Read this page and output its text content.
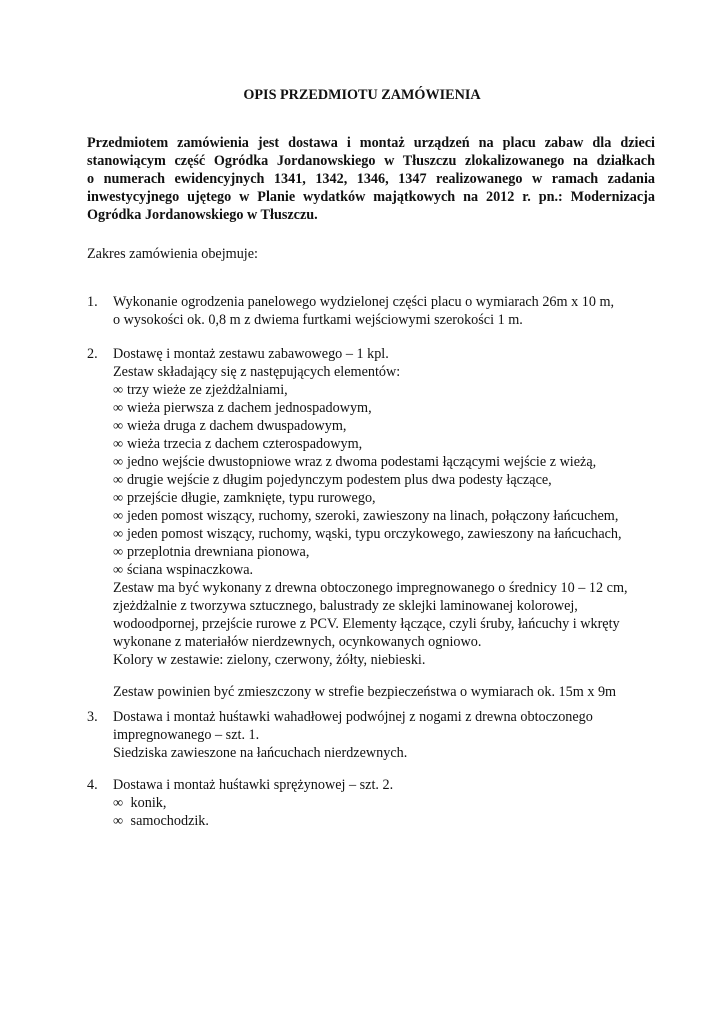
OPIS PRZEDMIOTU ZAMÓWIENIA
Przedmiotem zamówienia jest dostawa i montaż urządzeń na placu zabaw dla dzieci
stanowiącym część Ogródka Jordanowskiego w Tłuszczu zlokalizowanego na działkach
o numerach ewidencyjnych 1341, 1342, 1346, 1347 realizowanego w ramach zadania
inwestycyjnego ujętego w Planie wydatków majątkowych na 2012 r. pn.: Modernizacja
Ogródka Jordanowskiego w Tłuszczu.
Zakres zamówienia obejmuje:
1.	Wykonanie ogrodzenia panelowego wydzielonej części placu o wymiarach 26m x 10 m,
o wysokości ok. 0,8 m z dwiema furtkami wejściowymi szerokości 1 m.
2.	Dostawę i montaż zestawu zabawowego – 1 kpl.
Zestaw składający się z następujących elementów:
∞ trzy wieże ze zjeżdżalniami,
∞ wieża pierwsza z dachem jednospadowym,
∞ wieża druga z dachem dwuspadowym,
∞ wieża trzecia z dachem czterospadowym,
∞ jedno wejście dwustopniowe wraz z dwoma podestami łączącymi wejście z wieżą,
∞ drugie wejście z długim pojedynczym podestem plus dwa podesty łączące,
∞ przejście długie, zamknięte, typu rurowego,
∞ jeden pomost wiszący, ruchomy, szeroki, zawieszony na linach, połączony łańcuchem,
∞ jeden pomost wiszący, ruchomy, wąski, typu orczykowego, zawieszony na łańcuchach,
∞ przeplotnia drewniana pionowa,
∞ ściana wspinaczkowa.
Zestaw ma być wykonany z drewna obtoczonego impregnowanego o średnicy 10 – 12 cm,
zjeżdżalnie z tworzywa sztucznego, balustrady ze sklejki laminowanej kolorowej,
wodoodpornej, przejście rurowe z PCV. Elementy łączące, czyli śruby, łańcuchy i wkręty
wykonane z materiałów nierdzewnych, ocynkowanych ogniowo.
Kolory w zestawie: zielony, czerwony, żółty, niebieski.
Zestaw powinien być zmieszczony w strefie bezpieczeństwa o wymiarach ok. 15m x 9m
3.	Dostawa i montaż huśtawki wahadłowej podwójnej z nogami z drewna obtoczonego
impregnowanego – szt. 1.
Siedziska zawieszone na łańcuchach nierdzewnych.
4.	Dostawa i montaż huśtawki sprężynowej – szt. 2.
∞ konik,
∞ samochodzik.
